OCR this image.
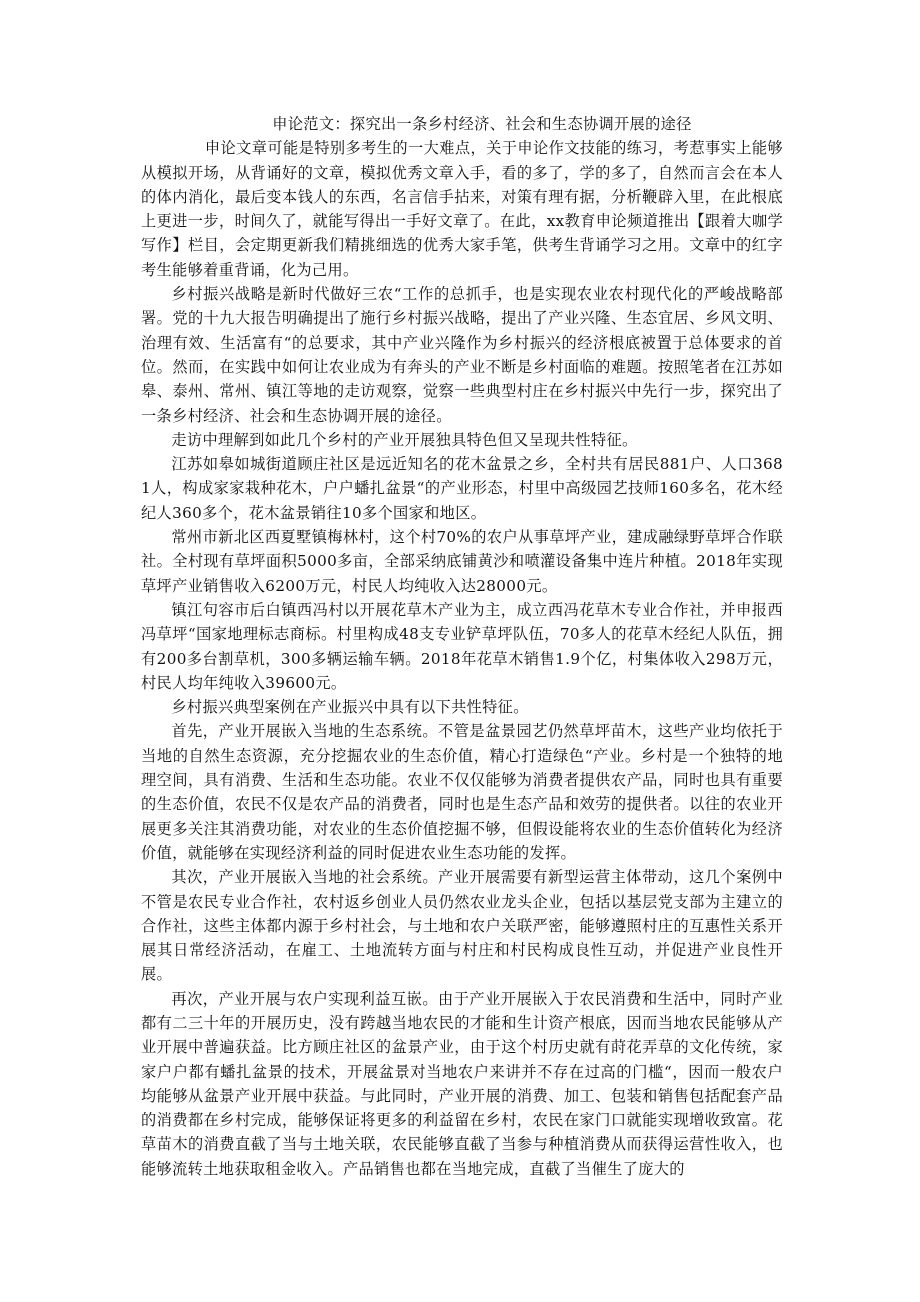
申论范文：探究出一条乡村经济、社会和生态协调开展的途径

申论文章可能是特别多考生的一大难点，关于申论作文技能的练习，考惹事实上能够从模拟开场，从背诵好的文章，模拟优秀文章入手，看的多了，学的多了，自然而言会在本人的体内消化，最后变本钱人的东西，名言信手拈来，对策有理有据，分析鞭辟入里，在此根底上更进一步，时间久了，就能写得出一手好文章了。在此，xx教育申论频道推出【跟着大咖学写作】栏目，会定期更新我们精挑细选的优秀大家手笔，供考生背诵学习之用。文章中的红字考生能够着重背诵，化为己用。

乡村振兴战略是新时代做好三农“工作的总抓手，也是实现农业农村现代化的严峻战略部署。党的十九大报告明确提出了施行乡村振兴战略，提出了产业兴隆、生态宜居、乡风文明、治理有效、生活富有“的总要求，其中产业兴隆作为乡村振兴的经济根底被置于总体要求的首位。然而，在实践中如何让农业成为有奔头的产业不断是乡村面临的难题。按照笔者在江苏如皋、泰州、常州、镇江等地的走访观察，觉察一些典型村庄在乡村振兴中先行一步，探究出了一条乡村经济、社会和生态协调开展的途径。

走访中理解到如此几个乡村的产业开展独具特色但又呈现共性特征。

江苏如皋如城街道顾庄社区是远近知名的花木盆景之乡，全村共有居民881户、人口3681人，构成家家栽种花木，户户蟠扎盆景“的产业形态，村里中高级园艺技师160多名，花木经纪人360多个，花木盆景销往10多个国家和地区。

常州市新北区西夏墅镇梅林村，这个村70%的农户从事草坪产业，建成融绿野草坪合作联社。全村现有草坪面积5000多亩，全部采纳底铺黄沙和喷灌设备集中连片种植。2018年实现草坪产业销售收入6200万元，村民人均纯收入达28000元。

镇江句容市后白镇西冯村以开展花草木产业为主，成立西冯花草木专业合作社，并申报西冯草坪“国家地理标志商标。村里构成48支专业铲草坪队伍，70多人的花草木经纪人队伍，拥有200多台割草机，300多辆运输车辆。2018年花草木销售1.9个亿，村集体收入298万元，村民人均年纯收入39600元。

乡村振兴典型案例在产业振兴中具有以下共性特征。

首先，产业开展嵌入当地的生态系统。不管是盆景园艺仍然草坪苗木，这些产业均依托于当地的自然生态资源，充分挖掘农业的生态价值，精心打造绿色“产业。乡村是一个独特的地理空间，具有消费、生活和生态功能。农业不仅仅能够为消费者提供农产品，同时也具有重要的生态价值，农民不仅是农产品的消费者，同时也是生态产品和效劳的提供者。以往的农业开展更多关注其消费功能，对农业的生态价值挖掘不够，但假设能将农业的生态价值转化为经济价值，就能够在实现经济利益的同时促进农业生态功能的发挥。

其次，产业开展嵌入当地的社会系统。产业开展需要有新型运营主体带动，这几个案例中不管是农民专业合作社，农村返乡创业人员仍然农业龙头企业，包括以基层党支部为主建立的合作社，这些主体都内源于乡村社会，与土地和农户关联严密，能够遵照村庄的互惠性关系开展其日常经济活动，在雇工、土地流转方面与村庄和村民构成良性互动，并促进产业良性开展。

再次，产业开展与农户实现利益互嵌。由于产业开展嵌入于农民消费和生活中，同时产业都有二三十年的开展历史，没有跨越当地农民的才能和生计资产根底，因而当地农民能够从产业开展中普遍获益。比方顾庄社区的盆景产业，由于这个村历史就有莳花弄草的文化传统，家家户户都有蟠扎盆景的技术，开展盆景对当地农户来讲并不存在过高的门槛“，因而一般农户均能够从盆景产业开展中获益。与此同时，产业开展的消费、加工、包装和销售包括配套产品的消费都在乡村完成，能够保证将更多的利益留在乡村，农民在家门口就能实现增收致富。花草苗木的消费直截了当与土地关联，农民能够直截了当参与种植消费从而获得运营性收入，也能够流转土地获取租金收入。产品销售也都在当地完成，直截了当催生了庞大的
